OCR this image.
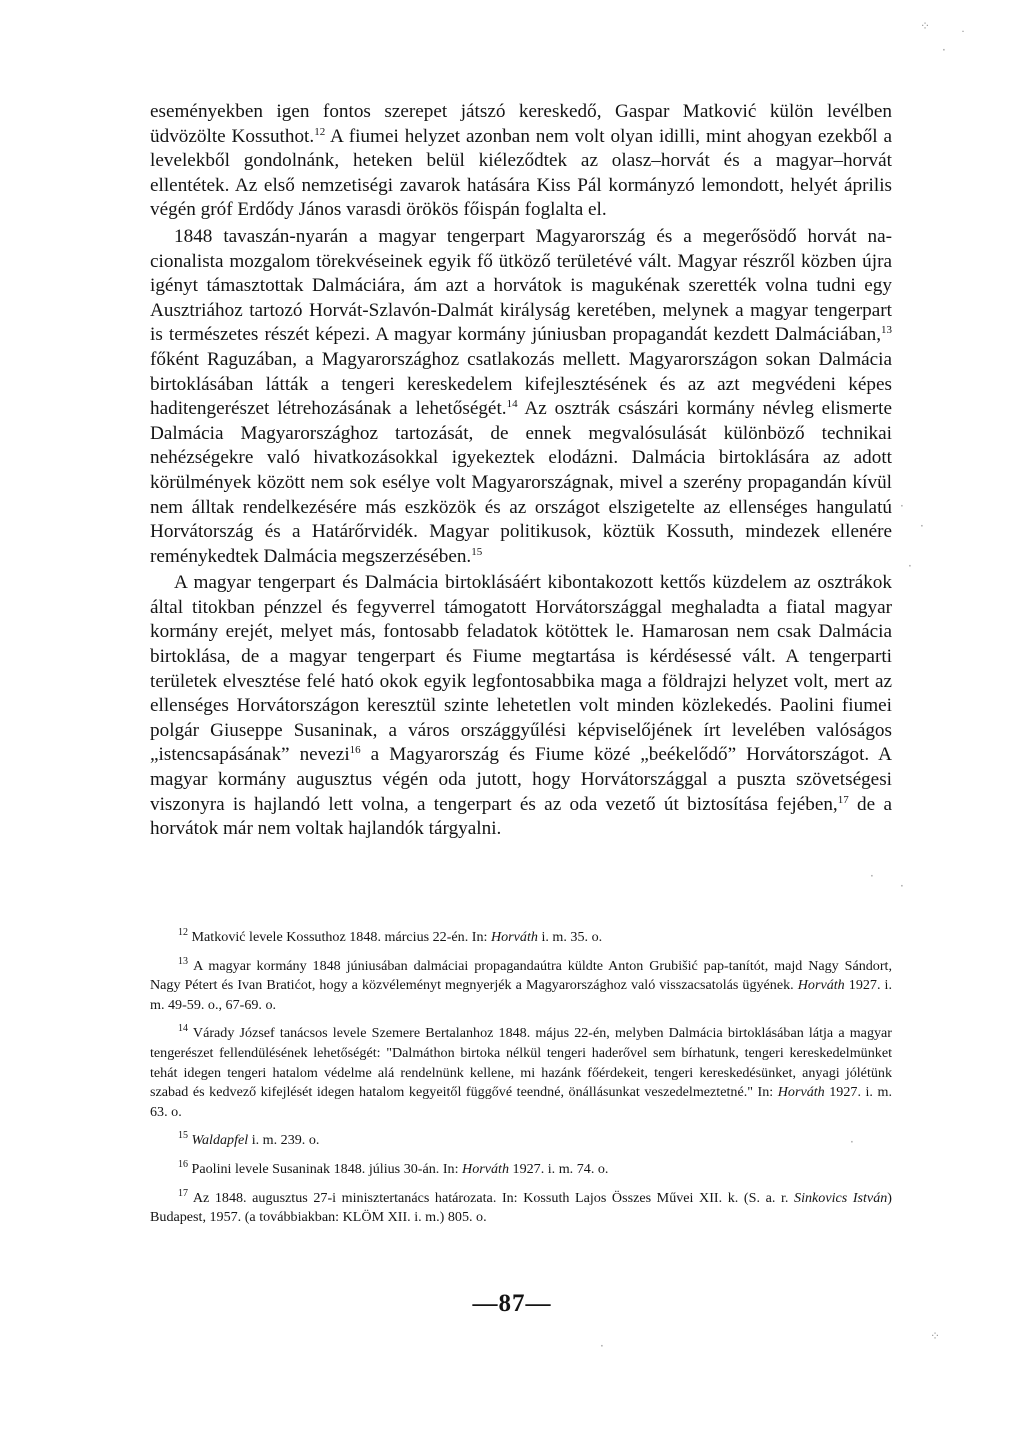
eseményekben igen fontos szerepet játszó kereskedő, Gaspar Matković külön levélben üdvözölte Kossuthot.$^{12}$ A fiumei helyzet azonban nem volt olyan idilli, mint ahogyan ezekből a levelekből gondolnánk, heteken belül kiéleződtek az olasz–horvát és a magyar–horvát ellentétek. Az első nemzetiségi zavarok hatására Kiss Pál kormányzó lemondott, helyét április végén gróf Erdődy János varasdi örökös főispán foglalta el.

1848 tavaszán-nyarán a magyar tengerpart Magyarország és a megerősödő horvát nacionalista mozgalom törekvéseinek egyik fő ütköző területévé vált. Magyar részről közben újra igényt támasztottak Dalmáciára, ám azt a horvátok is magukénak szerették volna tudni egy Ausztriához tartozó Horvát-Szlavón-Dalmát királyság keretében, melynek a magyar tengerpart is természetes részét képezi. A magyar kormány júniusban propagandát kezdett Dalmáciában,$^{13}$ főként Raguzában, a Magyarországhoz csatlakozás mellett. Magyarországon sokan Dalmácia birtoklásában látták a tengeri kereskedelem kifejlesztésének és az azt megvédeni képes haditengerészet létrehozásának a lehetőségét.$^{14}$ Az osztrák császári kormány névleg elismerte Dalmácia Magyarországhoz tartozását, de ennek megvalósulását különböző technikai nehézségekre való hivatkozásokkal igyekeztek elodázni. Dalmácia birtoklására az adott körülmények között nem sok esélye volt Magyarországnak, mivel a szerény propagandán kívül nem álltak rendelkezésére más eszközök és az országot elszigetelte az ellenséges hangulatú Horvátország és a Határőrvidék. Magyar politikusok, köztük Kossuth, mindezek ellenére reménykedtek Dalmácia megszerzésében.$^{15}$

A magyar tengerpart és Dalmácia birtoklásáért kibontakozott kettős küzdelem az osztrákok által titokban pénzzel és fegyverrel támogatott Horvátországgal meghaladta a fiatal magyar kormány erejét, melyet más, fontosabb feladatok kötöttek le. Hamarosan nem csak Dalmácia birtoklása, de a magyar tengerpart és Fiume megtartása is kérdésessé vált. A tengerparti területek elvesztése felé ható okok egyik legfontosabbika maga a földrajzi helyzet volt, mert az ellenséges Horvátországon keresztül szinte lehetetlen volt minden közlekedés. Paolini fiumei polgár Giuseppe Susaninak, a város országgyűlési képviselőjének írt levelében valóságos „istencsapásának” nevezi$^{16}$ a Magyarország és Fiume közé „beékelődő” Horvátországot. A magyar kormány augusztus végén oda jutott, hogy Horvátországgal a puszta szövetségesi viszonyra is hajlandó lett volna, a tengerpart és az oda vezető út biztosítása fejében,$^{17}$ de a horvátok már nem voltak hajlandók tárgyalni.

$^{12}$ Matković levele Kossuthoz 1848. március 22-én. In: Horváth i. m. 35. o.

$^{13}$ A magyar kormány 1848 júniusában dalmáciai propagandaútra küldte Anton Grubišić pap-tanítót, majd Nagy Sándort, Nagy Pétert és Ivan Bratićot, hogy a közvéleményt megnyerjék a Magyarországhoz való visszacsatolás ügyének. Horváth 1927. i. m. 49-59. o., 67-69. o.

$^{14}$ Várady József tanácsos levele Szemere Bertalanhoz 1848. május 22-én, melyben Dalmácia birtoklásában látja a magyar tengerészet fellendülésének lehetőségét: "Dalmáthon birtoka nélkül tengeri haderővel sem bírhatunk, tengeri kereskedelmünket tehát idegen tengeri hatalom védelme alá rendelnünk kellene, mi hazánk főérdekeit, tengeri kereskedésünket, anyagi jólétünk szabad és kedvező kifejlését idegen hatalom kegyeitől függővé teendné, önállásunkat veszedelmeztetné." In: Horváth 1927. i. m. 63. o.

$^{15}$ Waldapfel i. m. 239. o.

$^{16}$ Paolini levele Susaninak 1848. július 30-án. In: Horváth 1927. i. m. 74. o.

$^{17}$ Az 1848. augusztus 27-i minisztertanács határozata. In: Kossuth Lajos Összes Művei XII. k. (S. a. r. Sinkovics István) Budapest, 1957. (a továbbiakban: KLÖM XII. i. m.) 805. o.

—87—
⁘
·
˙
·
·
·
·
·
·
⁘
·
